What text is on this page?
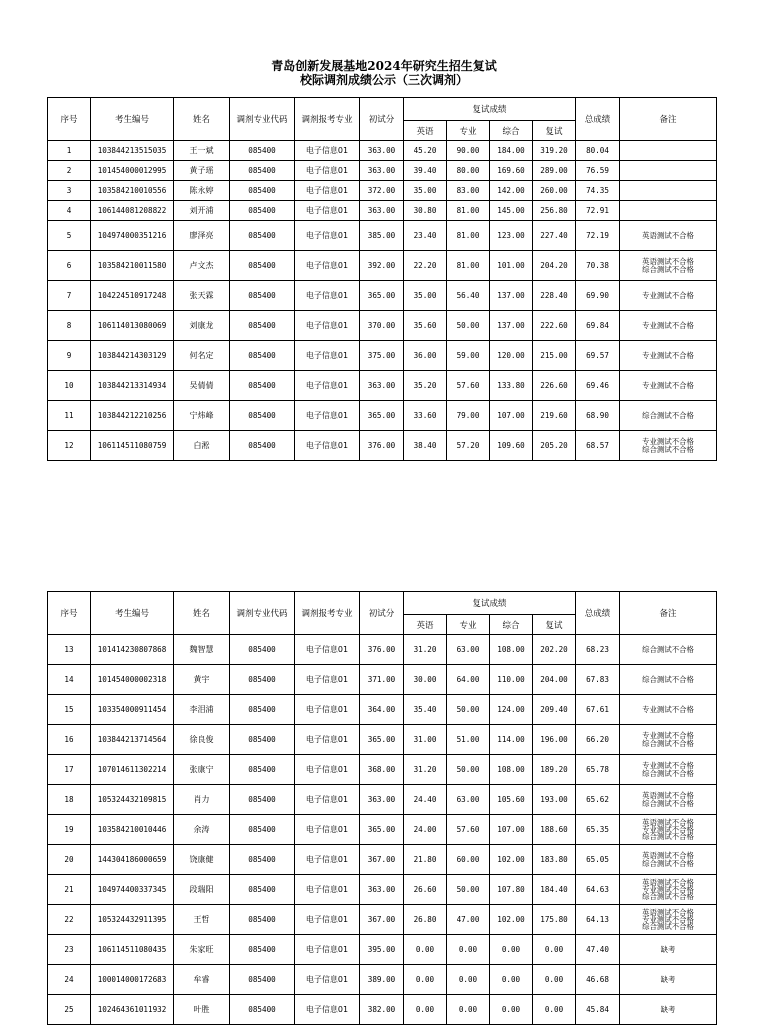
青岛创新发展基地2024年研究生招生复试
校际调剂成绩公示（三次调剂）
序号	考生编号	姓名	调剂专业代码	调剂报考专业	初试分	复试成绩				总成绩	备注
						英语	专业	综合	复试		
1	103844213515035	王一斌	085400	电子信息01	363.00	45.20	90.00	184.00	319.20	80.04	
2	101454000012995	黄子瑶	085400	电子信息01	363.00	39.40	80.00	169.60	289.00	76.59	
3	103584210010556	陈永婷	085400	电子信息01	372.00	35.00	83.00	142.00	260.00	74.35	
4	106144081208822	刘开浦	085400	电子信息01	363.00	30.80	81.00	145.00	256.80	72.91	
5	104974000351216	廖泽亮	085400	电子信息01	385.00	23.40	81.00	123.00	227.40	72.19	英语测试不合格

6	103584210011580	卢文杰	085400	电子信息01	392.00	22.20	81.00	101.00	204.20	70.38	英语测试不合格
综合测试不合格

7	104224510917248	张天霖	085400	电子信息01	365.00	35.00	56.40	137.00	228.40	69.90	专业测试不合格

8	106114013080069	刘康龙	085400	电子信息01	370.00	35.60	50.00	137.00	222.60	69.84	专业测试不合格

9	103844214303129	何名定	085400	电子信息01	375.00	36.00	59.00	120.00	215.00	69.57	专业测试不合格

10	103844213314934	吴倩倩	085400	电子信息01	363.00	35.20	57.60	133.80	226.60	69.46	专业测试不合格

11	103844212210256	宁炜峰	085400	电子信息01	365.00	33.60	79.00	107.00	219.60	68.90	综合测试不合格

12	106114511080759	白淞	085400	电子信息01	376.00	38.40	57.20	109.60	205.20	68.57	专业测试不合格
综合测试不合格
序号	考生编号	姓名	调剂专业代码	调剂报考专业	初试分	复试成绩				总成绩	备注
						英语	专业	综合	复试		
13	101414230807868	魏智慧	085400	电子信息01	376.00	31.20	63.00	108.00	202.20	68.23	综合测试不合格

14	101454000002318	黄宇	085400	电子信息01	371.00	30.00	64.00	110.00	204.00	67.83	综合测试不合格

15	103354000911454	李泪浦	085400	电子信息01	364.00	35.40	50.00	124.00	209.40	67.61	专业测试不合格

16	103844213714564	徐良俊	085400	电子信息01	365.00	31.00	51.00	114.00	196.00	66.20	专业测试不合格
综合测试不合格

17	107014611302214	张康宁	085400	电子信息01	368.00	31.20	50.00	108.00	189.20	65.78	专业测试不合格
综合测试不合格

18	105324432109815	肖力	085400	电子信息01	363.00	24.40	63.00	105.60	193.00	65.62	英语测试不合格
综合测试不合格

19	103584210010446	余涛	085400	电子信息01	365.00	24.00	57.60	107.00	188.60	65.35	英语测试不合格
专业测试不合格
综合测试不合格

20	144304186000659	饶康健	085400	电子信息01	367.00	21.80	60.00	102.00	183.80	65.05	英语测试不合格
综合测试不合格

21	104974400337345	段瑞阳	085400	电子信息01	363.00	26.60	50.00	107.80	184.40	64.63	英语测试不合格
专业测试不合格
综合测试不合格

22	105324432911395	王哲	085400	电子信息01	367.00	26.80	47.00	102.00	175.80	64.13	英语测试不合格
专业测试不合格
综合测试不合格

23	106114511080435	朱家旺	085400	电子信息01	395.00	0.00	0.00	0.00	0.00	47.40	缺考

24	100014000172683	牟睿	085400	电子信息01	389.00	0.00	0.00	0.00	0.00	46.68	缺考

25	102464361011932	叶胜	085400	电子信息01	382.00	0.00	0.00	0.00	0.00	45.84	缺考
